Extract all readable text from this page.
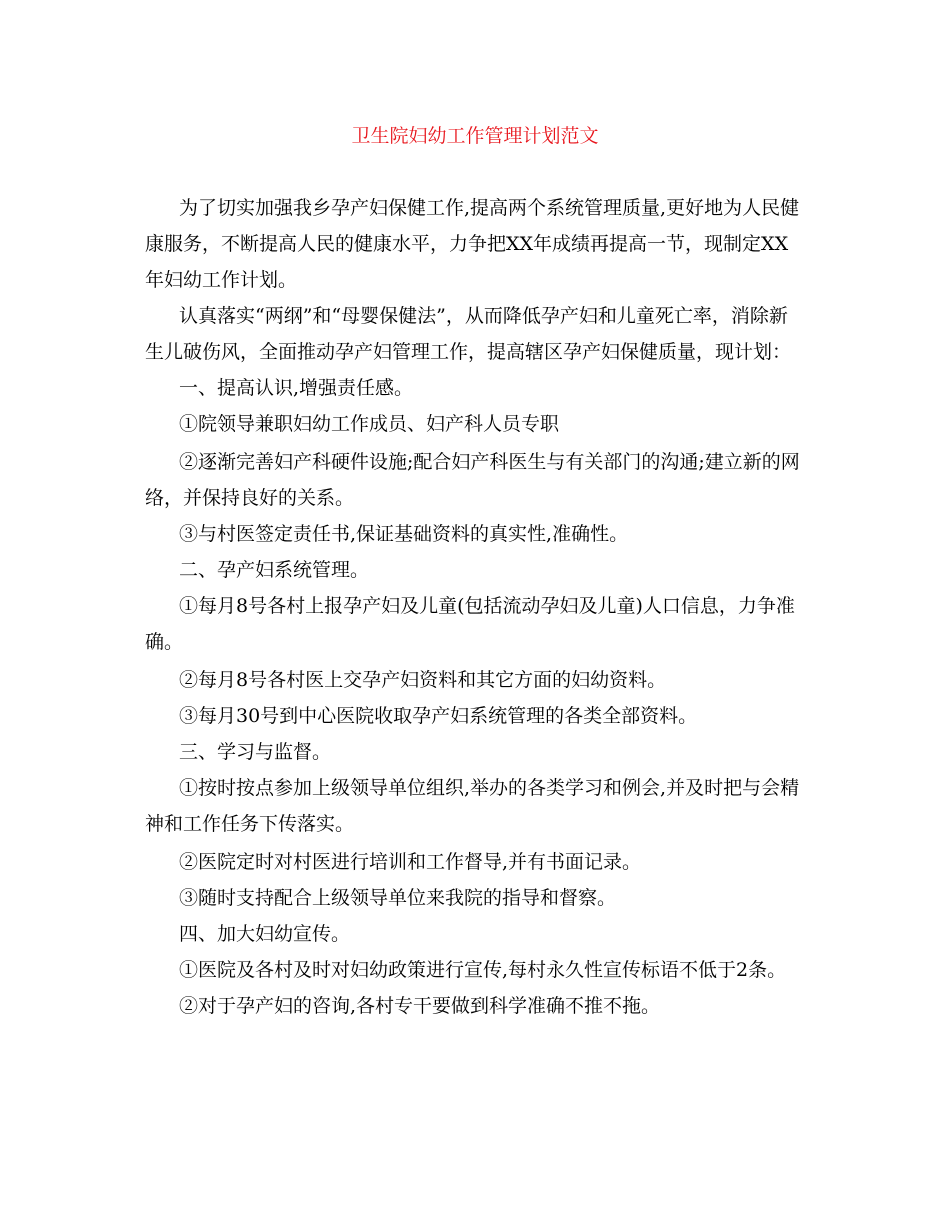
卫生院妇幼工作管理计划范文

为了切实加强我乡孕产妇保健工作,提高两个系统管理质量,更好地为人民健康服务，不断提高人民的健康水平，力争把XX年成绩再提高一节，现制定XX年妇幼工作计划。

认真落实“两纲”和“母婴保健法”，从而降低孕产妇和儿童死亡率，消除新生儿破伤风，全面推动孕产妇管理工作，提高辖区孕产妇保健质量，现计划：

一、提高认识,增强责任感。

①院领导兼职妇幼工作成员、妇产科人员专职

②逐渐完善妇产科硬件设施;配合妇产科医生与有关部门的沟通;建立新的网络，并保持良好的关系。

③与村医签定责任书,保证基础资料的真实性,准确性。

二、孕产妇系统管理。

①每月8号各村上报孕产妇及儿童(包括流动孕妇及儿童)人口信息，力争准确。

②每月8号各村医上交孕产妇资料和其它方面的妇幼资料。

③每月30号到中心医院收取孕产妇系统管理的各类全部资料。

三、学习与监督。

①按时按点参加上级领导单位组织,举办的各类学习和例会,并及时把与会精神和工作任务下传落实。

②医院定时对村医进行培训和工作督导,并有书面记录。

③随时支持配合上级领导单位来我院的指导和督察。

四、加大妇幼宣传。

①医院及各村及时对妇幼政策进行宣传,每村永久性宣传标语不低于2条。

②对于孕产妇的咨询,各村专干要做到科学准确不推不拖。
